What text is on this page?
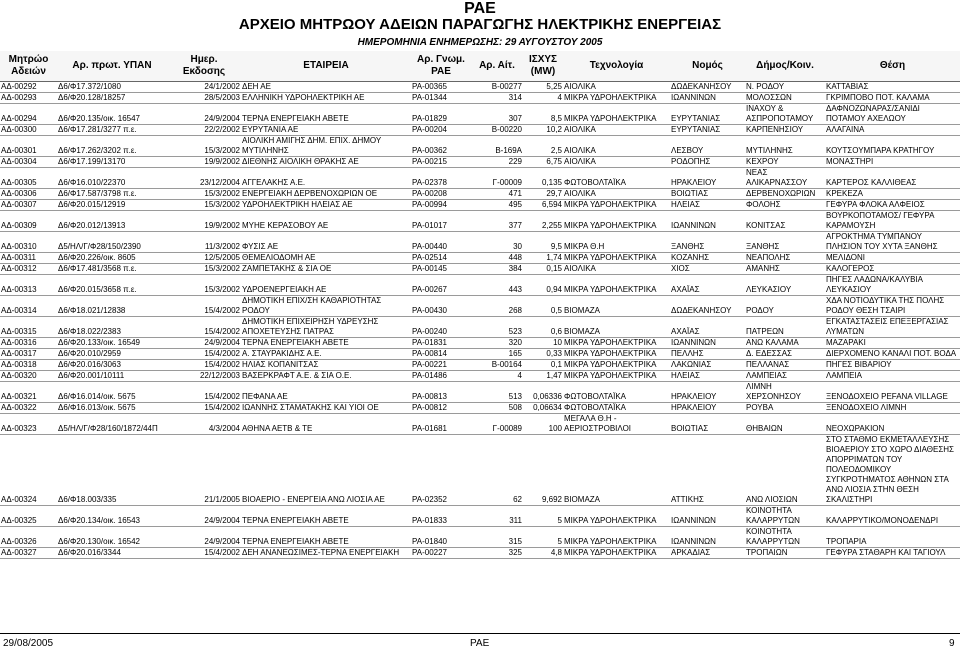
ΡΑΕ
ΑΡΧΕΙΟ ΜΗΤΡΩΟΥ ΑΔΕΙΩΝ ΠΑΡΑΓΩΓΗΣ ΗΛΕΚΤΡΙΚΗΣ ΕΝΕΡΓΕΙΑΣ
ΗΜΕΡΟΜΗΝΙΑ ΕΝΗΜΕΡΩΣΗΣ: 29 ΑΥΓΟΥΣΤΟΥ 2005
Μητρώο Αδειών	Αρ. πρωτ. ΥΠΑΝ	Ημερ. Εκδοσης	ΕΤΑΙΡΕΙΑ	Αρ. Γνωμ. ΡΑΕ	Αρ. Αίτ.	ΙΣΧΥΣ (MW)	Τεχνολογία	Νομός	Δήμος/Κοιν.	Θέση
ΑΔ-00292	Δ6/Φ17.372/1080	24/1/2002	ΔΕΗ ΑΕ	ΡΑ-00365	Β-00277	5,25	ΑΙΟΛΙΚΑ	ΔΩΔΕΚΑΝΗΣΟΥ	Ν. ΡΟΔΟΥ	ΚΑΤΤΑΒΙΑΣ
ΑΔ-00293	Δ6/Φ20.128/18257	28/5/2003	ΕΛΛΗΝΙΚΗ ΥΔΡΟΗΛΕΚΤΡΙΚΗ ΑΕ	ΡΑ-01344	314	4	ΜΙΚΡΑ ΥΔΡΟΗΛΕΚΤΡΙΚΑ	ΙΩΑΝΝΙΝΩΝ	ΜΟΛΟΣΣΩΝ	ΓΚΡΙΜΠΟΒΟ ΠΟΤ. ΚΑΛΑΜΑ
ΑΔ-00294	Δ6/Φ20.135/οικ. 16547	24/9/2004	ΤΕΡΝΑ ΕΝΕΡΓΕΙΑΚΗ ΑΒΕΤΕ	ΡΑ-01829	307	8,5	ΜΙΚΡΑ ΥΔΡΟΗΛΕΚΤΡΙΚΑ	ΕΥΡΥΤΑΝΙΑΣ	ΙΝΑΧΟΥ & ΑΣΠΡΟΠΟΤΑΜΟΥ	ΔΑΦΝΟΖΩΝΑΡΑΣ/ΣΑΝΙΔΙ ΠΟΤΑΜΟΥ ΑΧΕΛΩΟΥ
ΑΔ-00300	Δ6/Φ17.281/3277 π.ε.	22/2/2002	ΕΥΡΥΤΑΝΙΑ ΑΕ	ΡΑ-00204	Β-00220	10,2	ΑΙΟΛΙΚΑ	ΕΥΡΥΤΑΝΙΑΣ	ΚΑΡΠΕΝΗΣΙΟΥ	ΑΛΑΓΑΙΝΑ
ΑΔ-00301	Δ6/Φ17.262/3202 π.ε.	15/3/2002	ΑΙΟΛΙΚΗ ΑΜΙΓΗΣ ΔΗΜ. ΕΠΙΧ. ΔΗΜΟΥ ΜΥΤΙΛΗΝΗΣ	ΡΑ-00362	Β-169Α	2,5	ΑΙΟΛΙΚΑ	ΛΕΣΒΟΥ	ΜΥΤΙΛΗΝΗΣ	ΚΟΥΤΣΟΥΜΠΑΡΑ ΚΡΑΤΗΓΟΥ
ΑΔ-00304	Δ6/Φ17.199/13170	19/9/2002	ΔΙΕΘΝΗΣ ΑΙΟΛΙΚΗ ΘΡΑΚΗΣ ΑΕ	ΡΑ-00215	229	6,75	ΑΙΟΛΙΚΑ	ΡΟΔΟΠΗΣ	ΚΕΧΡΟΥ	ΜΟΝΑΣΤΗΡΙ
ΑΔ-00305	Δ6/Φ16.010/22370	23/12/2004	ΑΓΓΕΛΑΚΗΣ Α.Ε.	ΡΑ-02378	Γ-00009	0,135	ΦΩΤΟΒΟΛΤΑΪΚΑ	ΗΡΑΚΛΕΙΟΥ	ΝΕΑΣ ΑΛΙΚΑΡΝΑΣΣΟΥ	ΚΑΡΤΕΡΟΣ ΚΑΛΛΙΘΕΑΣ
ΑΔ-00306	Δ6/Φ17.587/3798 π.ε.	15/3/2002	ΕΝΕΡΓΕΙΑΚΗ ΔΕΡΒΕΝΟΧΩΡΙΩΝ ΟΕ	ΡΑ-00208	471	29,7	ΑΙΟΛΙΚΑ	ΒΟΙΩΤΙΑΣ	ΔΕΡΒΕΝΟΧΩΡΙΩΝ	ΚΡΕΚΕΖΑ
ΑΔ-00307	Δ6/Φ20.015/12919	15/3/2002	ΥΔΡΟΗΛΕΚΤΡΙΚΗ ΗΛΕΙΑΣ ΑΕ	ΡΑ-00994	495	6,594	ΜΙΚΡΑ ΥΔΡΟΗΛΕΚΤΡΙΚΑ	ΗΛΕΙΑΣ	ΦΟΛΟΗΣ	ΓΕΦΥΡΑ ΦΛΟΚΑ ΑΛΦΕΙΟΣ
ΑΔ-00309	Δ6/Φ20.012/13913	19/9/2002	ΜΥΗΕ ΚΕΡΑΣΟΒΟΥ ΑΕ	ΡΑ-01017	377	2,255	ΜΙΚΡΑ ΥΔΡΟΗΛΕΚΤΡΙΚΑ	ΙΩΑΝΝΙΝΩΝ	ΚΟΝΙΤΣΑΣ	ΒΟΥΡΚΟΠΟΤΑΜΟΣ/ ΓΕΦΥΡΑ ΚΑΡΑΜΟΥΣΗ
ΑΔ-00310	Δ5/ΗΛ/Γ/Φ28/150/2390	11/3/2002	ΦΥΣΙΣ ΑΕ	ΡΑ-00440	30	9,5	ΜΙΚΡΑ Θ.Η	ΞΑΝΘΗΣ	ΞΑΝΘΗΣ	ΑΓΡΟΚΤΗΜΑ ΤΥΜΠΑΝΟΥ ΠΛΗΣΙΟΝ ΤΟΥ ΧΥΤΑ ΞΑΝΘΗΣ
ΑΔ-00311	Δ6/Φ20.226/οικ. 8605	12/5/2005	ΘΕΜΕΛΙΟΔΟΜΗ ΑΕ	ΡΑ-02514	448	1,74	ΜΙΚΡΑ ΥΔΡΟΗΛΕΚΤΡΙΚΑ	ΚΟΖΑΝΗΣ	ΝΕΑΠΟΛΗΣ	ΜΕΛΙΔΟΝΙ
ΑΔ-00312	Δ6/Φ17.481/3568 π.ε.	15/3/2002	ΖΑΜΠΕΤΑΚΗΣ & ΣΙΑ ΟΕ	ΡΑ-00145	384	0,15	ΑΙΟΛΙΚΑ	ΧΙΟΣ	ΑΜΑΝΗΣ	ΚΑΛΟΓΕΡΟΣ
ΑΔ-00313	Δ6/Φ20.015/3658 π.ε.	15/3/2002	ΥΔΡΟΕΝΕΡΓΕΙΑΚΗ ΑΕ	ΡΑ-00267	443	0,94	ΜΙΚΡΑ ΥΔΡΟΗΛΕΚΤΡΙΚΑ	ΑΧΑΪΑΣ	ΛΕΥΚΑΣΙΟΥ	ΠΗΓΕΣ ΛΑΔΩΝΑ/ΚΑΛΥΒΙΑ ΛΕΥΚΑΣΙΟΥ
ΑΔ-00314	Δ6/Φ18.021/12838	15/4/2002	ΔΗΜΟΤΙΚΗ ΕΠΙΧ/ΣΗ ΚΑΘΑΡΙΟΤΗΤΑΣ ΡΟΔΟΥ	ΡΑ-00430	268	0,5	ΒΙΟΜΑΖΑ	ΔΩΔΕΚΑΝΗΣΟΥ	ΡΟΔΟΥ	ΧΔΑ ΝΟΤΙΟΔΥΤΙΚΑ ΤΗΣ ΠΟΛΗΣ ΡΟΔΟΥ ΘΕΣΗ ΤΣΑΙΡΙ
ΑΔ-00315	Δ6/Φ18.022/2383	15/4/2002	ΔΗΜΟΤΙΚΗ ΕΠΙΧΕΙΡΗΣΗ ΥΔΡΕΥΣΗΣ ΑΠΟΧΕΤΕΥΣΗΣ ΠΑΤΡΑΣ	ΡΑ-00240	523	0,6	ΒΙΟΜΑΖΑ	ΑΧΑΪΑΣ	ΠΑΤΡΕΩΝ	ΕΓΚΑΤΑΣΤΑΣΕΙΣ ΕΠΕΞΕΡΓΑΣΙΑΣ ΛΥΜΑΤΩΝ
ΑΔ-00316	Δ6/Φ20.133/οικ. 16549	24/9/2004	ΤΕΡΝΑ ΕΝΕΡΓΕΙΑΚΗ ΑΒΕΤΕ	ΡΑ-01831	320	10	ΜΙΚΡΑ ΥΔΡΟΗΛΕΚΤΡΙΚΑ	ΙΩΑΝΝΙΝΩΝ	ΑΝΩ ΚΑΛΑΜΑ	ΜΑΖΑΡΑΚΙ
ΑΔ-00317	Δ6/Φ20.010/2959	15/4/2002	Α. ΣΤΑΥΡΑΚΙΔΗΣ Α.Ε.	ΡΑ-00814	165	0,33	ΜΙΚΡΑ ΥΔΡΟΗΛΕΚΤΡΙΚΑ	ΠΕΛΛΗΣ	Δ. ΕΔΕΣΣΑΣ	ΔΙΕΡΧΟΜΕΝΟ ΚΑΝΑΛΙ ΠΟΤ. ΒΟΔΑ
ΑΔ-00318	Δ6/Φ20.016/3063	15/4/2002	ΗΛΙΑΣ ΚΟΠΑΝΙΤΣΑΣ	ΡΑ-00221	Β-00164	0,1	ΜΙΚΡΑ ΥΔΡΟΗΛΕΚΤΡΙΚΑ	ΛΑΚΩΝΙΑΣ	ΠΕΛΛΑΝΑΣ	ΠΗΓΕΣ ΒΙΒΑΡΙΟΥ
ΑΔ-00320	Δ6/Φ20.001/10111	22/12/2003	ΒΑΣΕΡΚΡΑΦΤ Α.Ε. & ΣΙΑ Ο.Ε.	ΡΑ-01486	4	1,47	ΜΙΚΡΑ ΥΔΡΟΗΛΕΚΤΡΙΚΑ	ΗΛΕΙΑΣ	ΛΑΜΠΕΙΑΣ	ΛΑΜΠΕΙΑ
ΑΔ-00321	Δ6/Φ16.014/οικ. 5675	15/4/2002	ΠΕΦΑΝΑ ΑΕ	ΡΑ-00813	513	0,06336	ΦΩΤΟΒΟΛΤΑΪΚΑ	ΗΡΑΚΛΕΙΟΥ	ΛΙΜΝΗ ΧΕΡΣΟΝΗΣΟΥ	ΞΕΝΟΔΟΧΕΙΟ PEFANA VILLAGE
ΑΔ-00322	Δ6/Φ16.013/οικ. 5675	15/4/2002	ΙΩΑΝΝΗΣ ΣΤΑΜΑΤΑΚΗΣ ΚΑΙ ΥΙΟΙ ΟΕ	ΡΑ-00812	508	0,06634	ΦΩΤΟΒΟΛΤΑΪΚΑ	ΗΡΑΚΛΕΙΟΥ	ΡΟΥΒΑ	ΞΕΝΟΔΟΧΕΙΟ ΛΙΜΝΗ
ΑΔ-00323	Δ5/ΗΛ/Γ/Φ28/160/1872/44Π	4/3/2004	ΑΘΗΝΑ ΑΕΤΒ & ΤΕ	ΡΑ-01681	Γ-00089	100	ΜΕΓΑΛΑ Θ.Η - ΑΕΡΙΟΣΤΡΟΒΙΛΟΙ	ΒΟΙΩΤΙΑΣ	ΘΗΒΑΙΩΝ	ΝΕΟΧΩΡΑΚΙΟΝ
ΑΔ-00324	Δ6/Φ18.003/335	21/1/2005	ΒΙΟΑΕΡΙΟ - ΕΝΕΡΓΕΙΑ ΑΝΩ ΛΙΟΣΙΑ ΑΕ	ΡΑ-02352	62	9,692	ΒΙΟΜΑΖΑ	ΑΤΤΙΚΗΣ	ΑΝΩ ΛΙΟΣΙΩΝ	ΣΤΟ ΣΤΑΘΜΟ ΕΚΜΕΤΑΛΛΕΥΣΗΣ ΒΙΟΑΕΡΙΟΥ ΣΤΟ ΧΩΡΟ ΔΙΑΘΕΣΗΣ ΑΠΟΡΡΙΜΑΤΩΝ ΤΟΥ ΠΟΛΕΟΔΟΜΙΚΟΥ ΣΥΓΚΡΟΤΗΜΑΤΟΣ ΑΘΗΝΩΝ ΣΤΑ ΑΝΩ ΛΙΟΣΙΑ ΣΤΗΝ ΘΕΣΗ ΣΚΑΛΙΣΤΗΡΙ
ΑΔ-00325	Δ6/Φ20.134/οικ. 16543	24/9/2004	ΤΕΡΝΑ ΕΝΕΡΓΕΙΑΚΗ ΑΒΕΤΕ	ΡΑ-01833	311	5	ΜΙΚΡΑ ΥΔΡΟΗΛΕΚΤΡΙΚΑ	ΙΩΑΝΝΙΝΩΝ	ΚΟΙΝΟΤΗΤΑ ΚΑΛΑΡΡΥΤΩΝ	ΚΑΛΑΡΡΥΤΙΚΟ/ΜΟΝΟΔΕΝΔΡΙ
ΑΔ-00326	Δ6/Φ20.130/οικ. 16542	24/9/2004	ΤΕΡΝΑ ΕΝΕΡΓΕΙΑΚΗ ΑΒΕΤΕ	ΡΑ-01840	315	5	ΜΙΚΡΑ ΥΔΡΟΗΛΕΚΤΡΙΚΑ	ΙΩΑΝΝΙΝΩΝ	ΚΟΙΝΟΤΗΤΑ ΚΑΛΑΡΡΥΤΩΝ	ΤΡΟΠΑΡΙΑ
ΑΔ-00327	Δ6/Φ20.016/3344	15/4/2002	ΔΕΗ ΑΝΑΝΕΩΣΙΜΕΣ-ΤΕΡΝΑ ΕΝΕΡΓΕΙΑΚΗ	ΡΑ-00227	325	4,8	ΜΙΚΡΑ ΥΔΡΟΗΛΕΚΤΡΙΚΑ	ΑΡΚΑΔΙΑΣ	ΤΡΟΠΑΙΩΝ	ΓΕΦΥΡΑ ΣΤΑΘΑΡΗ ΚΑΙ ΤΑΓΙΟΥΛ
29/08/2005	ΡΑΕ	9
